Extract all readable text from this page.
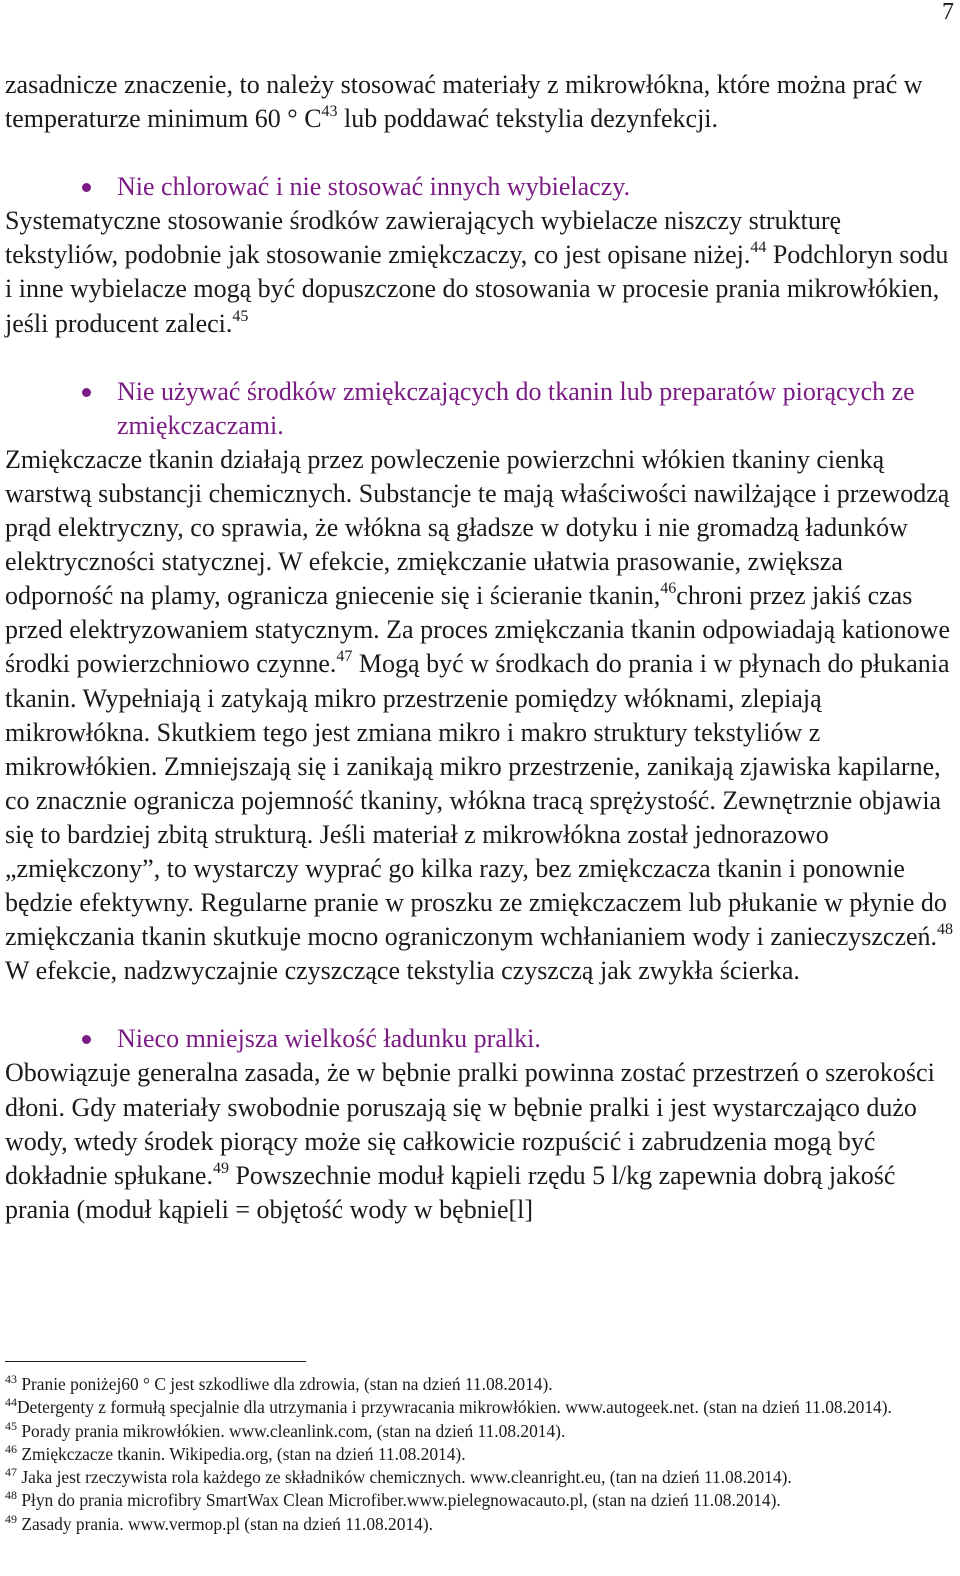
7

zasadnicze znaczenie, to należy stosować materiały z mikrowłókna, które można prać w temperaturze minimum 60 ° $C^{43}$ lub poddawać tekstylia dezynfekcji.

Nie chlorować i nie stosować innych wybielaczy.

Systematyczne stosowanie środków zawierających wybielacze niszczy strukturę tekstyliów, podobnie jak stosowanie zmiękczaczy, co jest opisane niżej.$^{44}$ Podchloryn sodu i inne wybielacze mogą być dopuszczone do stosowania w procesie prania mikrowłókien, jeśli producent zaleci.$^{45}$

Nie używać środków zmiękczających do tkanin lub preparatów piorących ze zmiękczaczami.

Zmiękczacze tkanin działają przez powleczenie powierzchni włókien tkaniny cienką warstwą substancji chemicznych. Substancje te mają właściwości nawilżające i przewodzą prąd elektryczny, co sprawia, że włókna są gładsze w dotyku i nie gromadzą ładunków elektryczności statycznej. W efekcie, zmiękczanie ułatwia prasowanie, zwiększa odporność na plamy, ogranicza gniecenie się i ścieranie tkanin,$^{46}$chroni przez jakiś czas przed elektryzowaniem statycznym. Za proces zmiękczania tkanin odpowiadają kationowe środki powierzchniowo czynne.$^{47}$ Mogą być w środkach do prania i w płynach do płukania tkanin. Wypełniają i zatykają mikro przestrzenie pomiędzy włóknami, zlepiają mikrowłókna. Skutkiem tego jest zmiana mikro i makro struktury tekstyliów z mikrowłókien. Zmniejszają się i zanikają mikro przestrzenie, zanikają zjawiska kapilarne, co znacznie ogranicza pojemność tkaniny, włókna tracą sprężystość. Zewnętrznie objawia się to bardziej zbitą strukturą. Jeśli materiał z mikrowłókna został jednorazowo „zmiękczony”, to wystarczy wyprać go kilka razy, bez zmiękczacza tkanin i ponownie będzie efektywny. Regularne pranie w proszku ze zmiękczaczem lub płukanie w płynie do zmiękczania tkanin skutkuje mocno ograniczonym wchłanianiem wody i zanieczyszczeń.$^{48}$ W efekcie, nadzwyczajnie czyszczące tekstylia czyszczą jak zwykła ścierka.

Nieco mniejsza wielkość ładunku pralki.

Obowiązuje generalna zasada, że w bębnie pralki powinna zostać przestrzeń o szerokości dłoni. Gdy materiały swobodnie poruszają się w bębnie pralki i jest wystarczająco dużo wody, wtedy środek piorący może się całkowicie rozpuścić i zabrudzenia mogą być dokładnie spłukane.$^{49}$ Powszechnie moduł kąpieli rzędu 5 l/kg zapewnia dobrą jakość prania (moduł kąpieli = objętość wody w bębnie[l]

$^{43}$ Pranie poniżej60 ° C jest szkodliwe dla zdrowia, (stan na dzień 11.08.2014).
$^{44}$Detergenty z formułą specjalnie dla utrzymania i przywracania mikrowłókien. www.autogeek.net. (stan na dzień 11.08.2014).
$^{45}$ Porady prania mikrowłókien. www.cleanlink.com, (stan na dzień 11.08.2014).
$^{46}$ Zmiękczacze tkanin. Wikipedia.org, (stan na dzień 11.08.2014).
$^{47}$ Jaka jest rzeczywista rola każdego ze składników chemicznych. www.cleanright.eu, (tan na dzień 11.08.2014).
$^{48}$ Płyn do prania microfibry SmartWax Clean Microfiber.www.pielegnowacauto.pl, (stan na dzień 11.08.2014).
$^{49}$ Zasady prania. www.vermop.pl (stan na dzień 11.08.2014).
